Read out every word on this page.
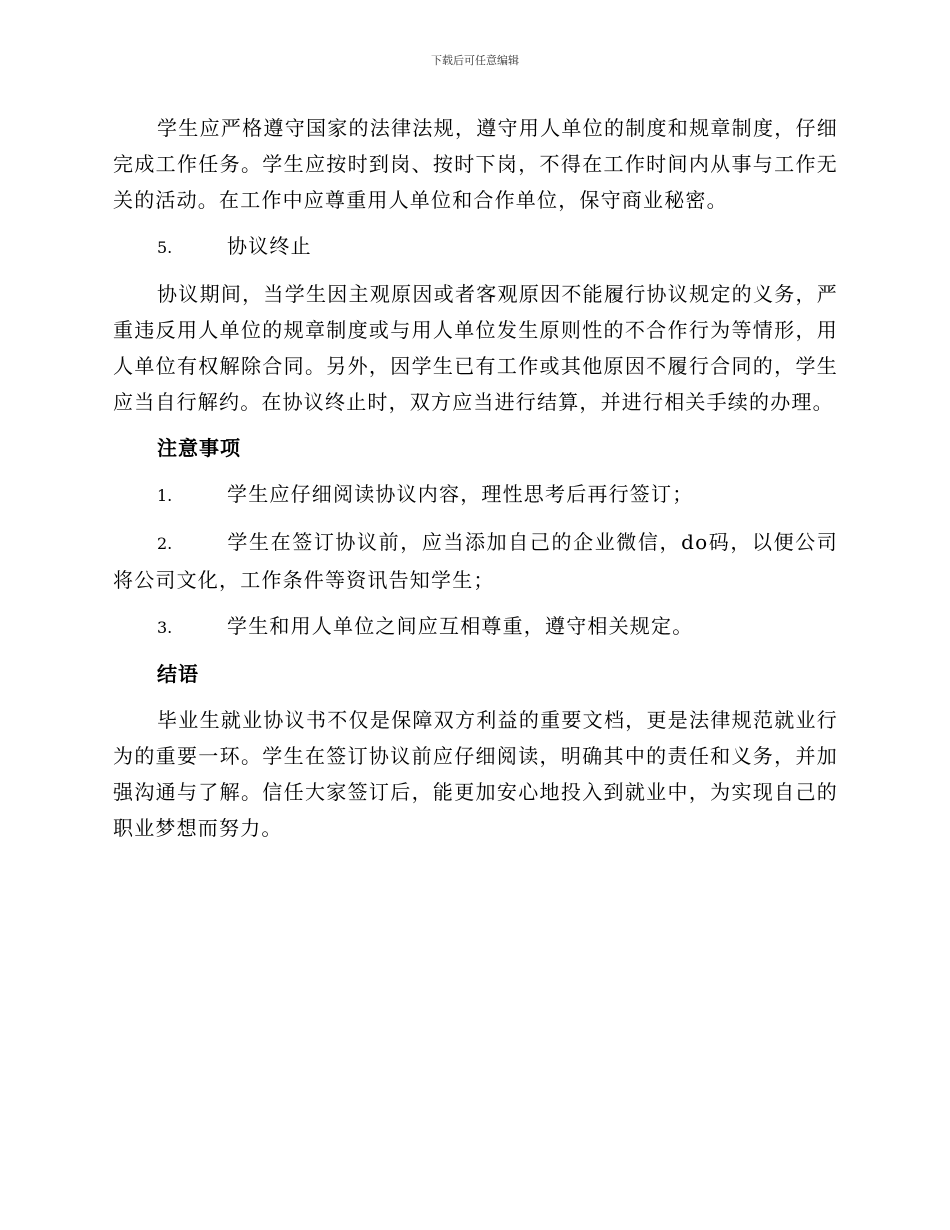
下载后可任意编辑

学生应严格遵守国家的法律法规，遵守用人单位的制度和规章制度，仔细完成工作任务。学生应按时到岗、按时下岗，不得在工作时间内从事与工作无关的活动。在工作中应尊重用人单位和合作单位，保守商业秘密。

5.	协议终止

协议期间，当学生因主观原因或者客观原因不能履行协议规定的义务，严重违反用人单位的规章制度或与用人单位发生原则性的不合作行为等情形，用人单位有权解除合同。另外，因学生已有工作或其他原因不履行合同的，学生应当自行解约。在协议终止时，双方应当进行结算，并进行相关手续的办理。

注意事项

1.	学生应仔细阅读协议内容，理性思考后再行签订；

2.	学生在签订协议前，应当添加自己的企业微信，do码，以便公司将公司文化，工作条件等资讯告知学生；

3.	学生和用人单位之间应互相尊重，遵守相关规定。

结语

毕业生就业协议书不仅是保障双方利益的重要文档，更是法律规范就业行为的重要一环。学生在签订协议前应仔细阅读，明确其中的责任和义务，并加强沟通与了解。信任大家签订后，能更加安心地投入到就业中，为实现自己的职业梦想而努力。
